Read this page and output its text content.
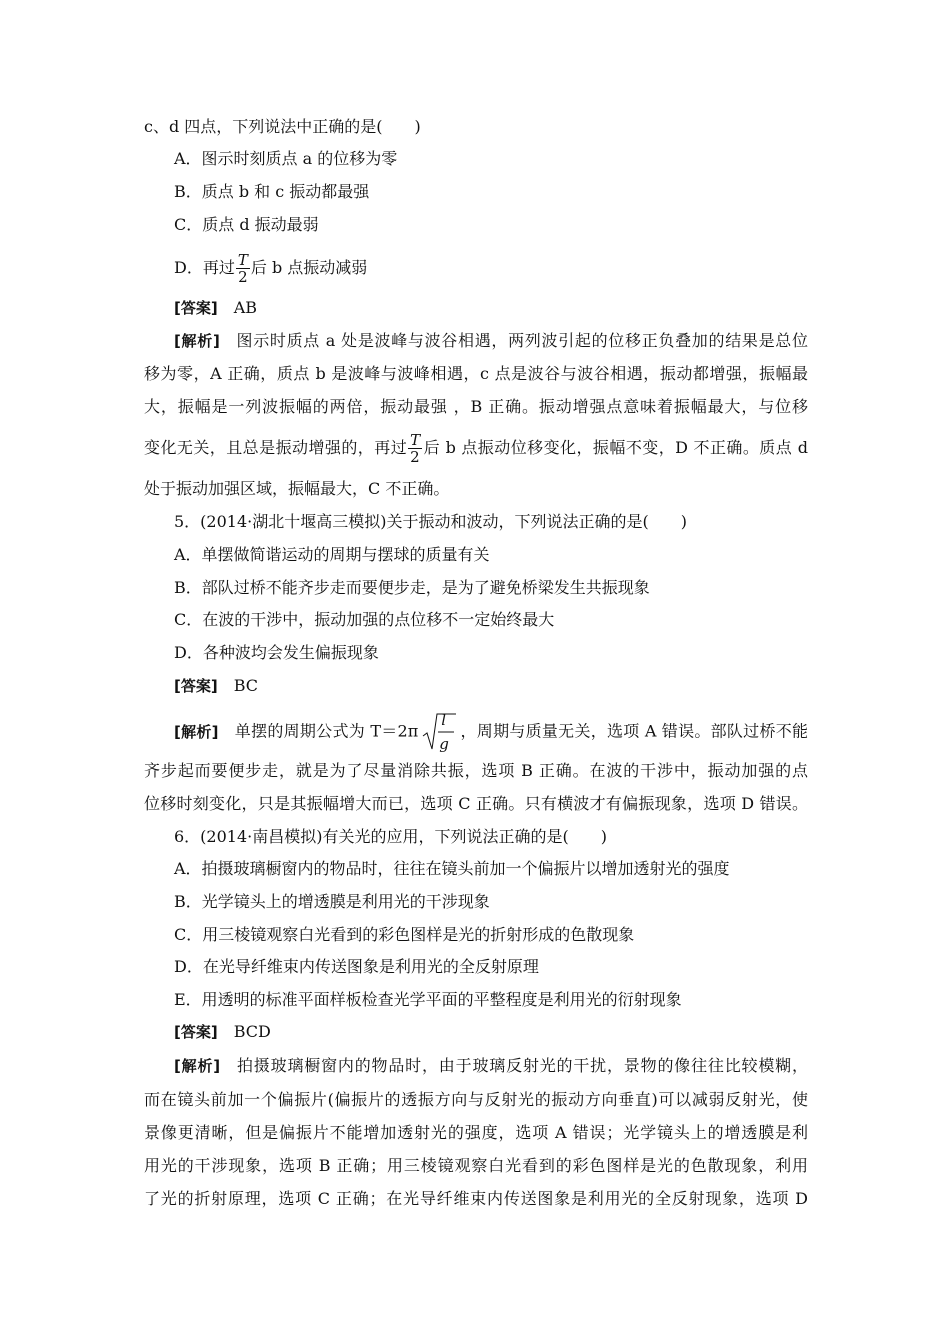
c、d 四点，下列说法中正确的是(　　)
A．图示时刻质点 a 的位移为零
B．质点 b 和 c 振动都最强
C．质点 d 振动最弱
D．再过 $\frac{T}{2}$ 后 b 点振动减弱
[答案] AB
[解析] 图示时质点 a 处是波峰与波谷相遇，两列波引起的位移正负叠加的结果是总位
移为零，A 正确，质点 b 是波峰与波峰相遇，c 点是波谷与波谷相遇，振动都增强，振幅最
大，振幅是一列波振幅的两倍，振动最强 ，B 正确。振动增强点意味着振幅最大，与位移
变化无关，且总是振动增强的，再过 $\frac{T}{2}$ 后 b 点振动位移变化，振幅不变，D 不正确。质点 d
处于振动加强区域，振幅最大，C 不正确。
5．(2014·湖北十堰高三模拟)关于振动和波动，下列说法正确的是(　　)
A．单摆做简谐运动的周期与摆球的质量有关
B．部队过桥不能齐步走而要便步走，是为了避免桥梁发生共振现象
C．在波的干涉中，振动加强的点位移不一定始终最大
D．各种波均会发生偏振现象
[答案] BC
[解析] 单摆的周期公式为 T＝2π
l
g
，周期与质量无关，选项 A 错误。部队过桥不能
齐步起而要便步走，就是为了尽量消除共振，选项 B 正确。在波的干涉中，振动加强的点
位移时刻变化，只是其振幅增大而已，选项 C 正确。只有横波才有偏振现象，选项 D 错误。
6．(2014·南昌模拟)有关光的应用，下列说法正确的是(　　)
A．拍摄玻璃橱窗内的物品时，往往在镜头前加一个偏振片以增加透射光的强度
B．光学镜头上的增透膜是利用光的干涉现象
C．用三棱镜观察白光看到的彩色图样是光的折射形成的色散现象
D．在光导纤维束内传送图象是利用光的全反射原理
E．用透明的标准平面样板检查光学平面的平整程度是利用光的衍射现象
[答案] BCD
[解析] 拍摄玻璃橱窗内的物品时，由于玻璃反射光的干扰，景物的像往往比较模糊，
而在镜头前加一个偏振片(偏振片的透振方向与反射光的振动方向垂直)可以减弱反射光，使
景像更清晰，但是偏振片不能增加透射光的强度，选项 A 错误；光学镜头上的增透膜是利
用光的干涉现象，选项 B 正确；用三棱镜观察白光看到的彩色图样是光的色散现象，利用
了光的折射原理，选项 C 正确；在光导纤维束内传送图象是利用光的全反射现象，选项 D
